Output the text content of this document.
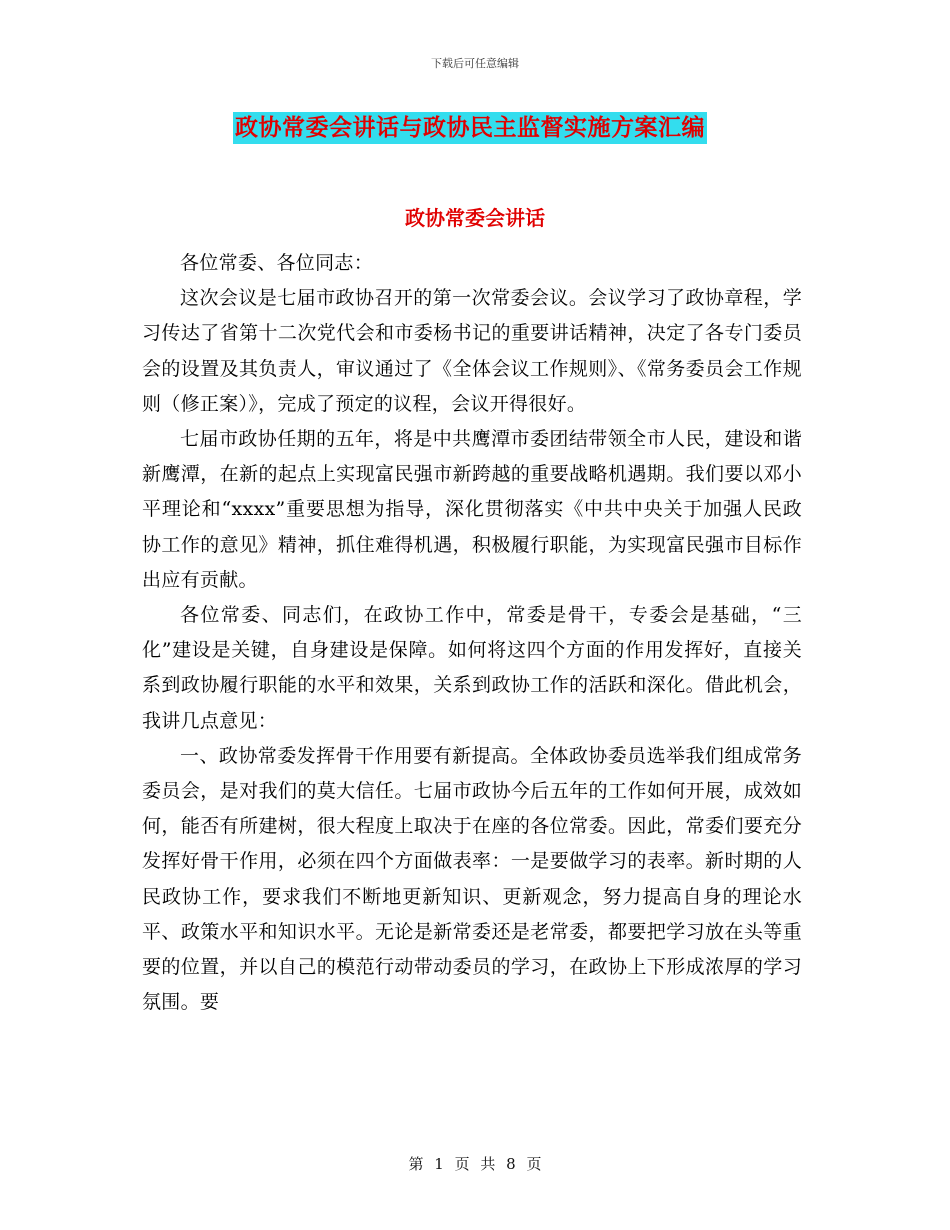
下载后可任意编辑
政协常委会讲话与政协民主监督实施方案汇编
政协常委会讲话

各位常委、各位同志：

这次会议是七届市政协召开的第一次常委会议。会议学习了政协章程，学习传达了省第十二次党代会和市委杨书记的重要讲话精神，决定了各专门委员会的设置及其负责人，审议通过了《全体会议工作规则》、《常务委员会工作规则（修正案）》，完成了预定的议程，会议开得很好。

七届市政协任期的五年，将是中共鹰潭市委团结带领全市人民，建设和谐新鹰潭，在新的起点上实现富民强市新跨越的重要战略机遇期。我们要以邓小平理论和“xxxx”重要思想为指导，深化贯彻落实《中共中央关于加强人民政协工作的意见》精神，抓住难得机遇，积极履行职能，为实现富民强市目标作出应有贡献。

各位常委、同志们，在政协工作中，常委是骨干，专委会是基础，“三化”建设是关键，自身建设是保障。如何将这四个方面的作用发挥好，直接关系到政协履行职能的水平和效果，关系到政协工作的活跃和深化。借此机会，我讲几点意见：

一、政协常委发挥骨干作用要有新提高。全体政协委员选举我们组成常务委员会，是对我们的莫大信任。七届市政协今后五年的工作如何开展，成效如何，能否有所建树，很大程度上取决于在座的各位常委。因此，常委们要充分发挥好骨干作用，必须在四个方面做表率：一是要做学习的表率。新时期的人民政协工作，要求我们不断地更新知识、更新观念，努力提高自身的理论水平、政策水平和知识水平。无论是新常委还是老常委，都要把学习放在头等重要的位置，并以自己的模范行动带动委员的学习，在政协上下形成浓厚的学习氛围。要

第 1 页 共 8 页
